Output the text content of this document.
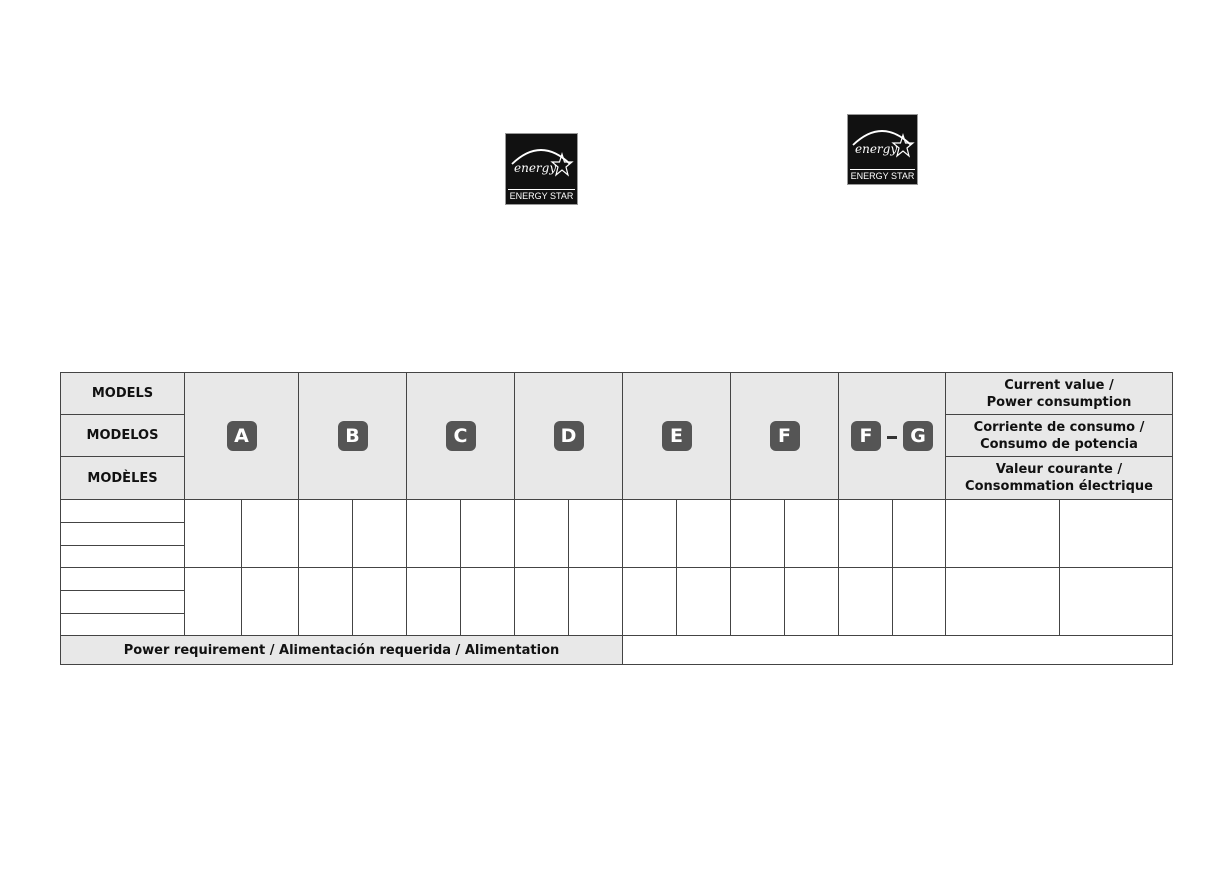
energy
ENERGY STAR
energy
ENERGY STAR
MODELS	A		B		C		D		E		F		F G		Current value /
Power consumption	
MODELOS															Corriente de consumo /
Consumo de potencia	
MODÈLES															Valeur courante /
Consommation électrique	

Power requirement / Alimentación requerida / Alimentation																
